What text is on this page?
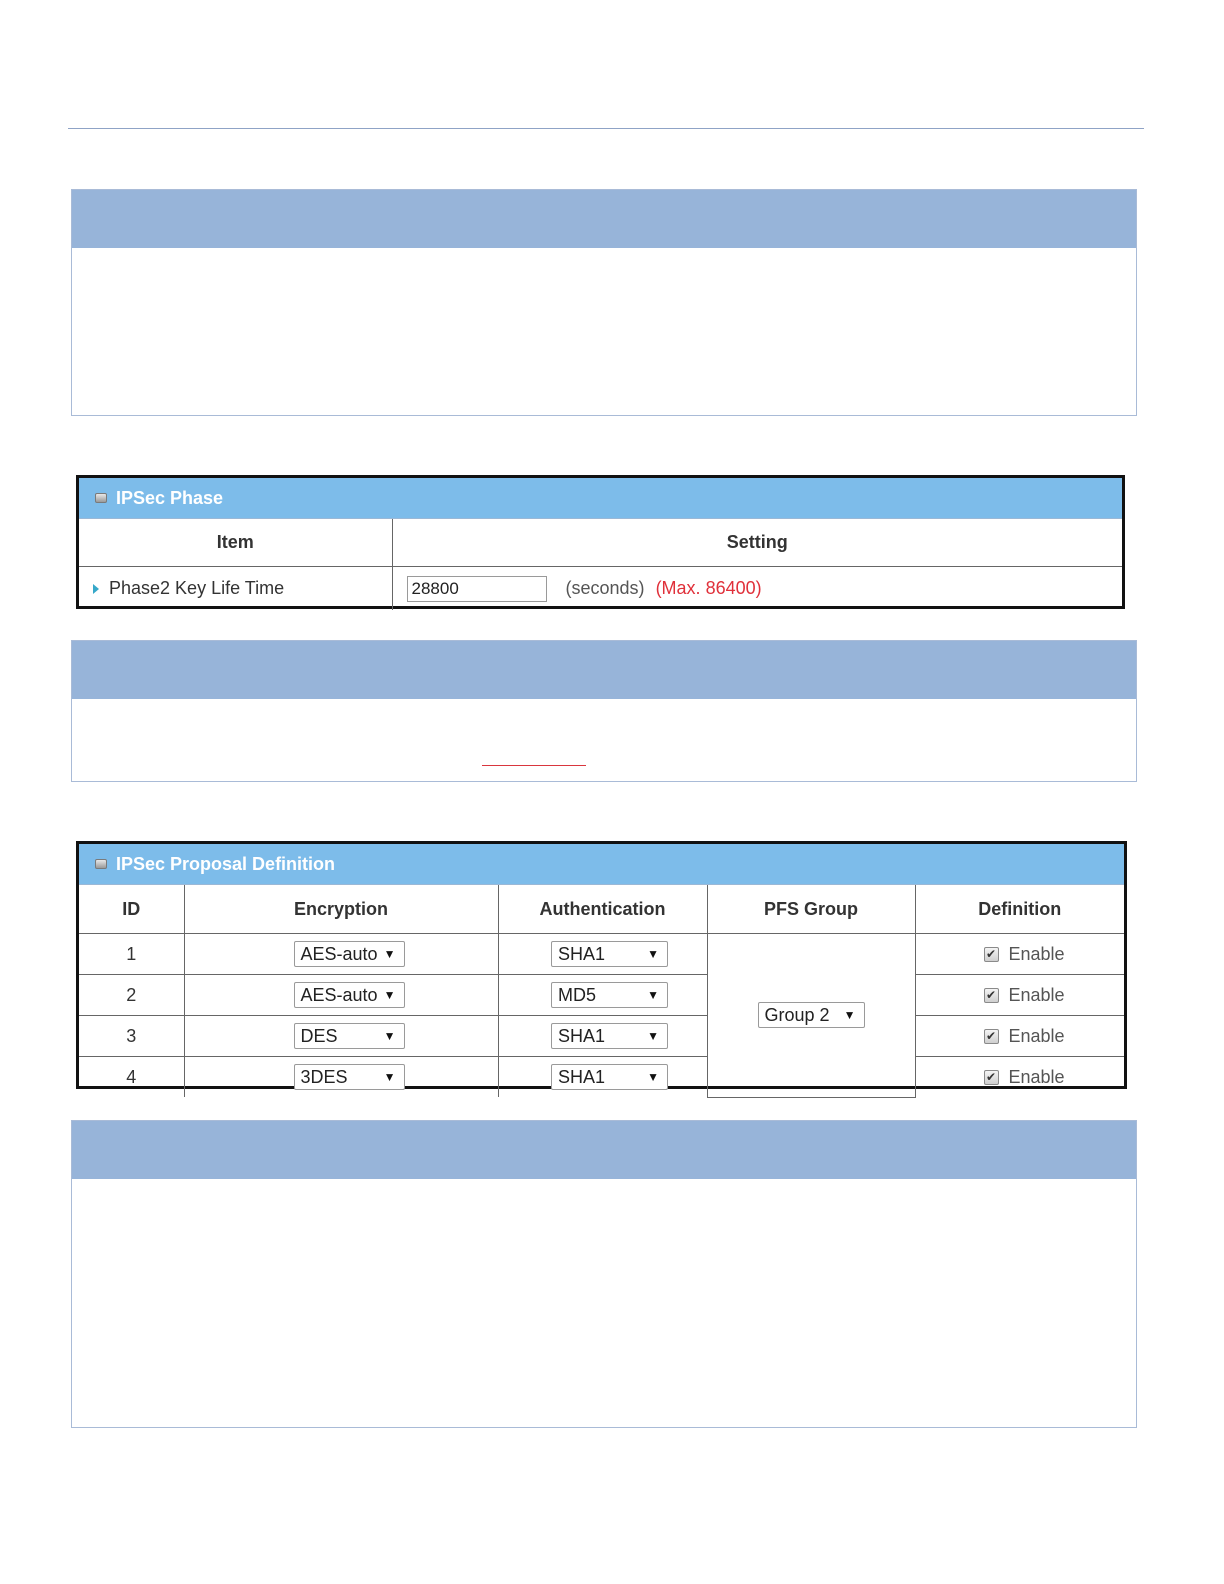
IPSec Phase
Item	Setting
Phase2 Key Life Time	28800(seconds) (Max. 86400)
IPSec Proposal Definition
ID	Encryption	Authentication	PFS Group	Definition
1	AES-auto ▼	SHA1 ▼	Group 2 ▼	✔ Enable
2	AES-auto ▼	MD5 ▼		✔ Enable
3	DES ▼	SHA1 ▼		✔ Enable
4	3DES ▼	SHA1 ▼		✔ Enable
